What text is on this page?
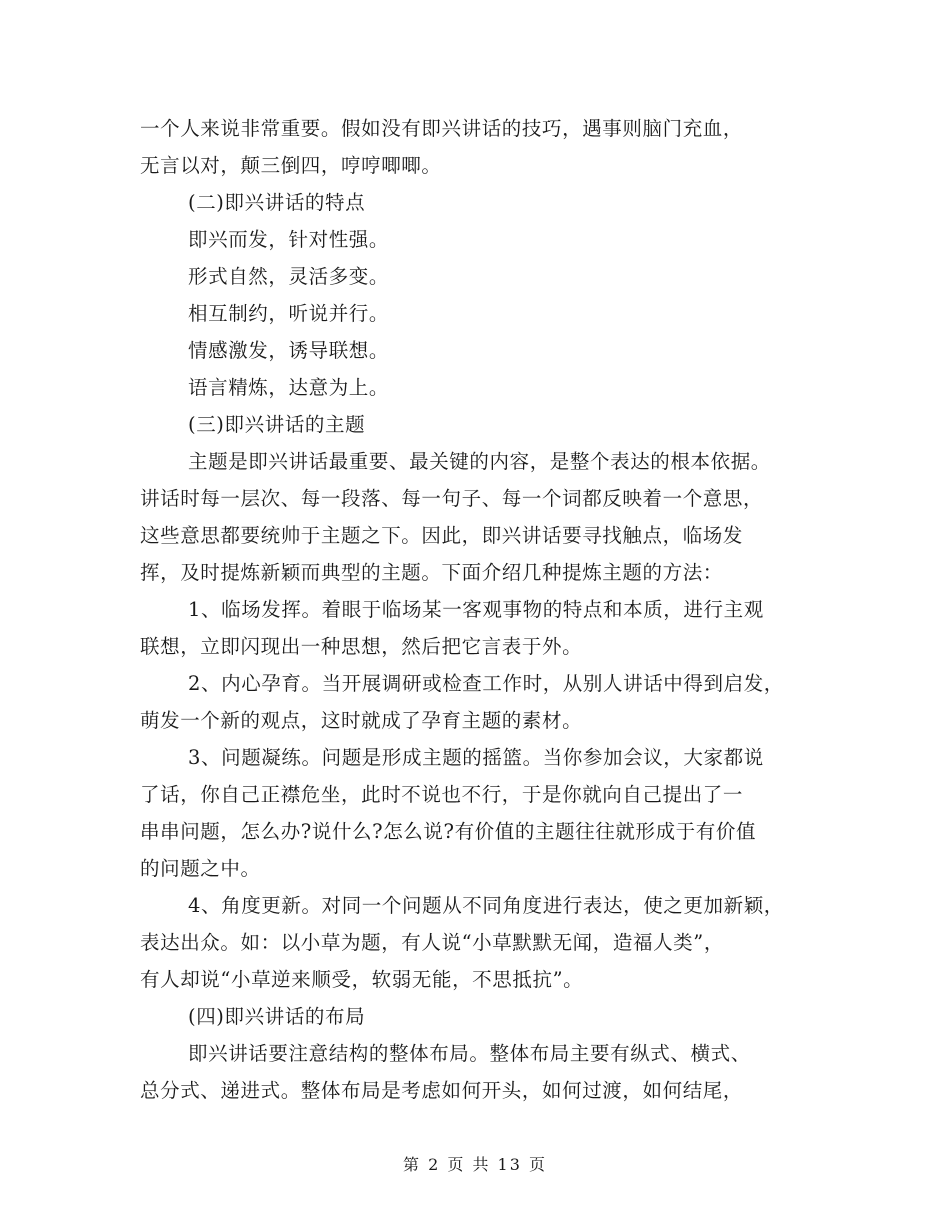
一个人来说非常重要。假如没有即兴讲话的技巧，遇事则脑门充血，
无言以对，颠三倒四，哼哼唧唧。
(二)即兴讲话的特点
即兴而发，针对性强。
形式自然，灵活多变。
相互制约，听说并行。
情感激发，诱导联想。
语言精炼，达意为上。
(三)即兴讲话的主题
主题是即兴讲话最重要、最关键的内容，是整个表达的根本依据。
讲话时每一层次、每一段落、每一句子、每一个词都反映着一个意思，
这些意思都要统帅于主题之下。因此，即兴讲话要寻找触点，临场发
挥，及时提炼新颖而典型的主题。下面介绍几种提炼主题的方法：
1、临场发挥。着眼于临场某一客观事物的特点和本质，进行主观
联想，立即闪现出一种思想，然后把它言表于外。
2、内心孕育。当开展调研或检查工作时，从别人讲话中得到启发，
萌发一个新的观点，这时就成了孕育主题的素材。
3、问题凝练。问题是形成主题的摇篮。当你参加会议，大家都说
了话，你自己正襟危坐，此时不说也不行，于是你就向自己提出了一
串串问题，怎么办?说什么?怎么说?有价值的主题往往就形成于有价值
的问题之中。
4、角度更新。对同一个问题从不同角度进行表达，使之更加新颖，
表达出众。如：以小草为题，有人说“小草默默无闻，造福人类”，
有人却说“小草逆来顺受，软弱无能，不思抵抗”。
(四)即兴讲话的布局
即兴讲话要注意结构的整体布局。整体布局主要有纵式、横式、
总分式、递进式。整体布局是考虑如何开头，如何过渡，如何结尾，
第 2 页 共 13 页
